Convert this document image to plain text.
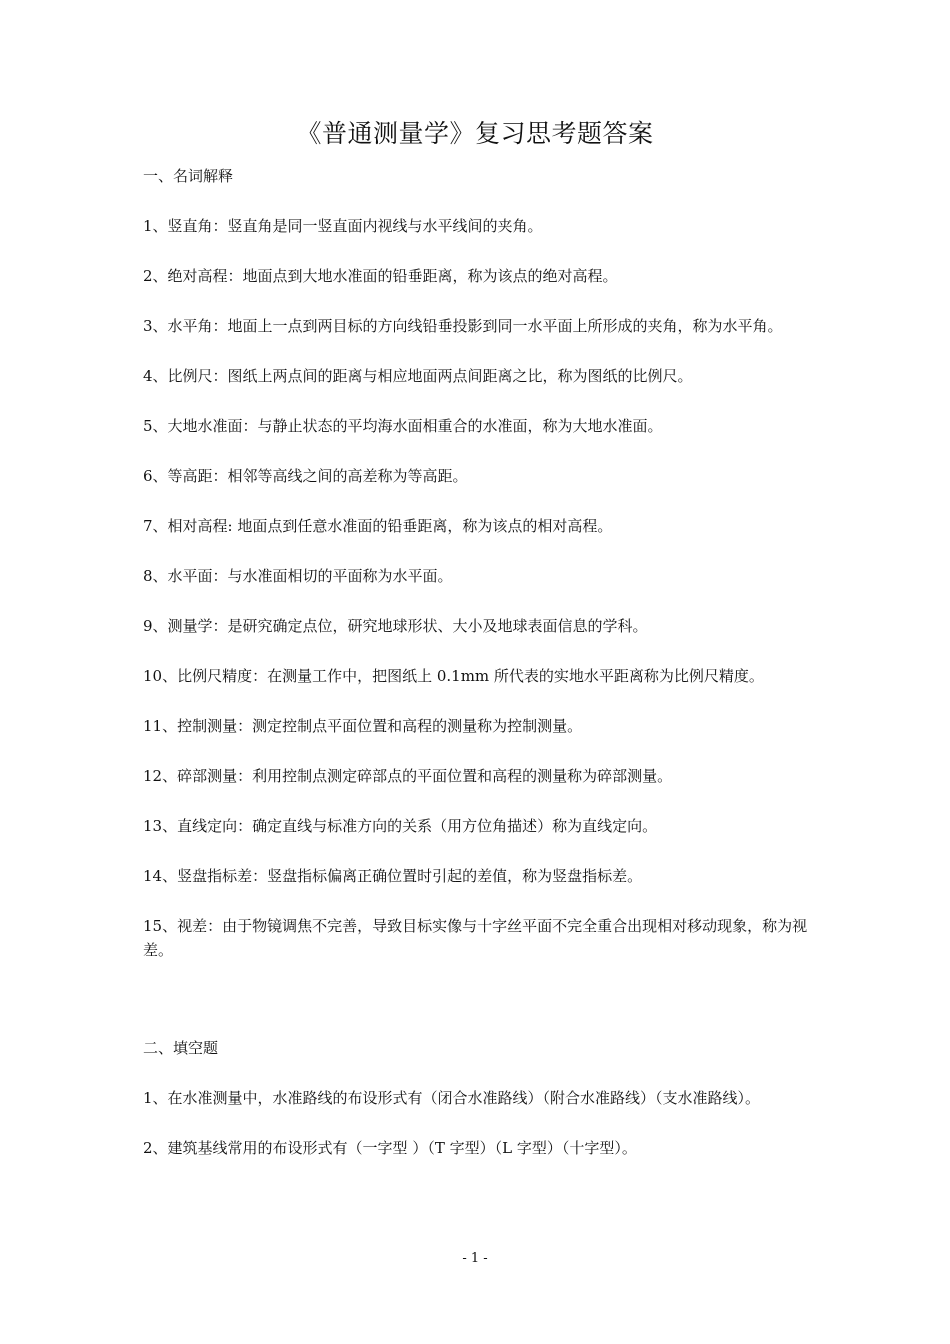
《普通测量学》复习思考题答案

一、名词解释

1、竖直角：竖直角是同一竖直面内视线与水平线间的夹角。

2、绝对高程：地面点到大地水准面的铅垂距离，称为该点的绝对高程。

3、水平角：地面上一点到两目标的方向线铅垂投影到同一水平面上所形成的夹角，称为水平角。

4、比例尺：图纸上两点间的距离与相应地面两点间距离之比，称为图纸的比例尺。

5、大地水准面：与静止状态的平均海水面相重合的水准面，称为大地水准面。

6、等高距：相邻等高线之间的高差称为等高距。

7、相对高程: 地面点到任意水准面的铅垂距离，称为该点的相对高程。

8、水平面：与水准面相切的平面称为水平面。

9、测量学：是研究确定点位，研究地球形状、大小及地球表面信息的学科。

10、比例尺精度：在测量工作中，把图纸上 0.1mm 所代表的实地水平距离称为比例尺精度。

11、控制测量：测定控制点平面位置和高程的测量称为控制测量。

12、碎部测量：利用控制点测定碎部点的平面位置和高程的测量称为碎部测量。

13、直线定向：确定直线与标准方向的关系（用方位角描述）称为直线定向。

14、竖盘指标差：竖盘指标偏离正确位置时引起的差值，称为竖盘指标差。

15、视差：由于物镜调焦不完善，导致目标实像与十字丝平面不完全重合出现相对移动现象，称为视差。

二、填空题

1、在水准测量中，水准路线的布设形式有（闭合水准路线）（附合水准路线）（支水准路线）。

2、建筑基线常用的布设形式有（一字型 ）（T 字型）（L 字型）（十字型）。

- 1 -
